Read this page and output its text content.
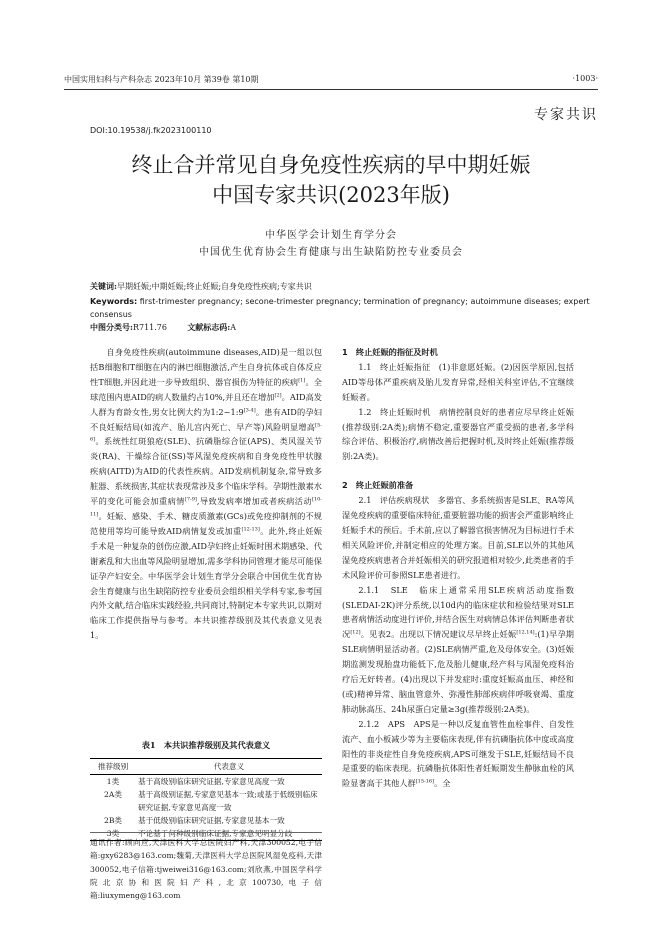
中国实用妇科与产科杂志 2023年10月 第39卷 第10期	·1003·
专家共识
DOI:10.19538/j.fk2023100110
终止合并常见自身免疫性疾病的早中期妊娠
中国专家共识(2023年版)
中华医学会计划生育学分会
中国优生优育协会生育健康与出生缺陷防控专业委员会
关键词:早期妊娠;中期妊娠;终止妊娠;自身免疫性疾病;专家共识
Keywords: first-trimester pregnancy; secone-trimester pregnancy; termination of pregnancy; autoimmune diseases; expert consensus
中图分类号:R711.76	文献标志码:A

自身免疫性疾病(autoimmune diseases,AID)是一组以包括B细胞和T细胞在内的淋巴细胞激活,产生自身抗体或自体反应性T细胞,并因此进一步导致组织、器官损伤为特征的疾病[1]。全球范围内患AID的病人数量约占10%,并且还在增加[2]。AID高发人群为育龄女性,男女比例大约为1:2~1:9[3-4]。患有AID的孕妇不良妊娠结局(如流产、胎儿宫内死亡、早产等)风险明显增高[5-6]。系统性红斑狼疮(SLE)、抗磷脂综合征(APS)、类风湿关节炎(RA)、干燥综合征(SS)等风湿免疫疾病和自身免疫性甲状腺疾病(AITD)为AID的代表性疾病。AID发病机制复杂,常导致多脏器、系统损害,其症状表现常涉及多个临床学科。孕期性激素水平的变化可能会加重病情[7-9],导致发病率增加或者疾病活动[10-11]。妊娠、感染、手术、糖皮质激素(GCs)或免疫抑制剂的不规范使用等均可能导致AID病情复发或加重[12-13]。此外,终止妊娠手术是一种复杂的创伤应激,AID孕妇终止妊娠时围术期感染、代谢紊乱和大出血等风险明显增加,需多学科协同管理才能尽可能保证孕产妇安全。中华医学会计划生育学分会联合中国优生优育协会生育健康与出生缺陷防控专业委员会组织相关学科专家,参考国内外文献,结合临床实践经验,共同商讨,特制定本专家共识,以期对临床工作提供指导与参考。本共识推荐级别及其代表意义见表1。

表1　本共识推荐级别及其代表意义
推荐级别	代表意义
1类	基于高级别临床研究证据,专家意见高度一致
2A类	基于高级别证据,专家意见基本一致;或基于低级别临床研究证据,专家意见高度一致
2B类	基于低级别临床研究证据,专家意见基本一致
3类	不论基于何种级别临床证据,专家意见明显分歧
通讯作者:顾向应,天津医科大学总医院妇产科,天津300052,电子信箱:gxy6283@163.com;魏菊,天津医科大学总医院风湿免疫科,天津300052,电子信箱:tjweiwei316@163.com;刘欣燕,中国医学科学院北京协和医院妇产科,北京100730,电子信箱:liuxymeng@163.com
1　终止妊娠的指征及时机

1.1　终止妊娠指征　(1)非意愿妊娠。(2)因医学原因,包括AID等母体严重疾病及胎儿发育异常,经相关科室评估,不宜继续妊娠者。

1.2　终止妊娠时机　病情控制良好的患者应尽早终止妊娠(推荐级别:2A类);病情不稳定,重要器官严重受损的患者,多学科综合评估、积极治疗,病情改善后把握时机,及时终止妊娠(推荐级别:2A类)。

2　终止妊娠前准备

2.1　评估疾病现状　多器官、多系统损害是SLE、RA等风湿免疫疾病的重要临床特征,重要脏器功能的损害会严重影响终止妊娠手术的预后。手术前,应以了解器官损害情况为目标进行手术相关风险评价,并制定相应的处理方案。目前,SLE以外的其他风湿免疫疾病患者合并妊娠相关的研究报道相对较少,此类患者的手术风险评价可参照SLE患者进行。

2.1.1　SLE　临床上通常采用SLE疾病活动度指数(SLEDAI-2K)评分系统,以10d内的临床症状和检验结果对SLE患者病情活动度进行评价,并结合医生对病情总体评估判断患者状况[12]。见表2。出现以下情况建议尽早终止妊娠[12,14]:(1)早孕期SLE病情明显活动者。(2)SLE病情严重,危及母体安全。(3)妊娠期监测发现胎盘功能低下,危及胎儿健康,经产科与风湿免疫科治疗后无好转者。(4)出现以下并发症时:重度妊娠高血压、神经和(或)精神异常、脑血管意外、弥漫性肺部疾病伴呼吸衰竭、重度肺动脉高压、24h尿蛋白定量≥3g(推荐级别:2A类)。

2.1.2　APS　APS是一种以反复血管性血栓事件、自发性流产、血小板减少等为主要临床表现,伴有抗磷脂抗体中度或高度阳性的非炎症性自身免疫疾病,APS可继发于SLE,妊娠结局不良是重要的临床表现。抗磷脂抗体阳性者妊娠期发生静脉血栓的风险显著高于其他人群[15-16]。全
